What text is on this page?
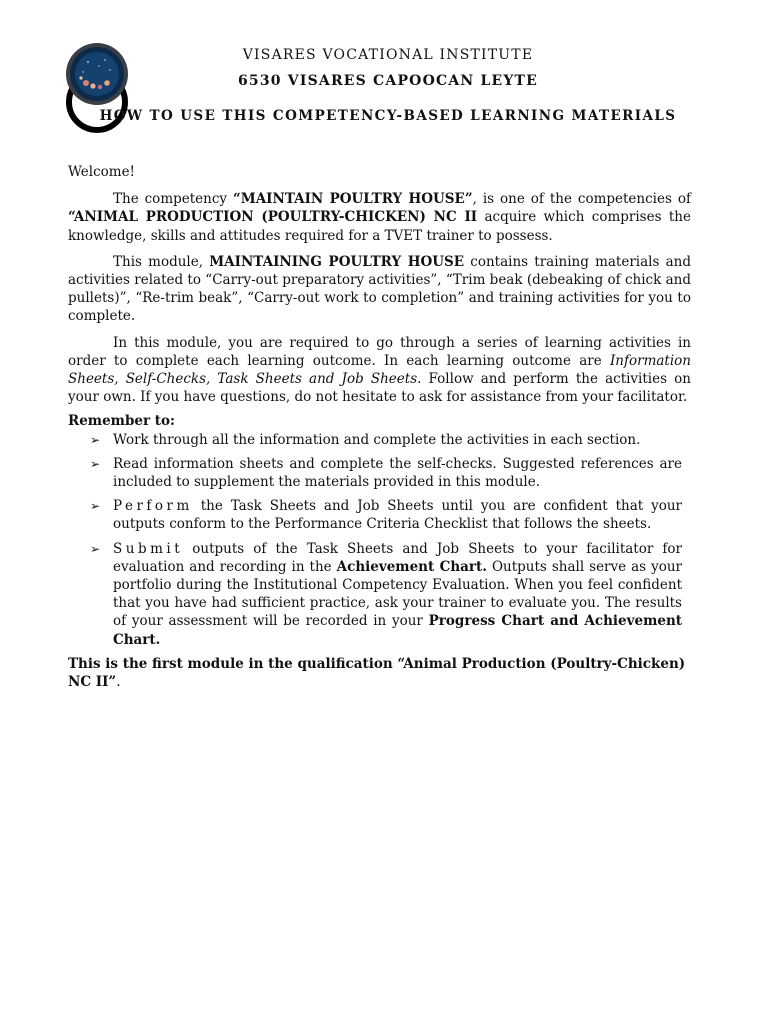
VISARES VOCATIONAL INSTITUTE
6530 VISARES CAPOOCAN LEYTE
HOW TO USE THIS COMPETENCY-BASED LEARNING MATERIALS

Welcome!

The competency “MAINTAIN POULTRY HOUSE”, is one of the competencies of “ANIMAL PRODUCTION (POULTRY-CHICKEN) NC II acquire which comprises the knowledge, skills and attitudes required for a TVET trainer to possess.

This module, MAINTAINING POULTRY HOUSE contains training materials and activities related to “Carry-out preparatory activities”, “Trim beak (debeaking of chick and pullets)”, “Re-trim beak”, “Carry-out work to completion” and training activities for you to complete.

In this module, you are required to go through a series of learning activities in order to complete each learning outcome. In each learning outcome are Information Sheets, Self-Checks, Task Sheets and Job Sheets. Follow and perform the activities on your own. If you have questions, do not hesitate to ask for assistance from your facilitator.

Remember to:

➢ Work through all the information and complete the activities in each section.
➢ Read information sheets and complete the self-checks. Suggested references are included to supplement the materials provided in this module.
➢ Perform the Task Sheets and Job Sheets until you are confident that your outputs conform to the Performance Criteria Checklist that follows the sheets.
➢ Submit outputs of the Task Sheets and Job Sheets to your facilitator for evaluation and recording in the Achievement Chart. Outputs shall serve as your portfolio during the Institutional Competency Evaluation. When you feel confident that you have had sufficient practice, ask your trainer to evaluate you. The results of your assessment will be recorded in your Progress Chart and Achievement Chart.

This is the first module in the qualification “Animal Production (Poultry-Chicken) NC II”.
